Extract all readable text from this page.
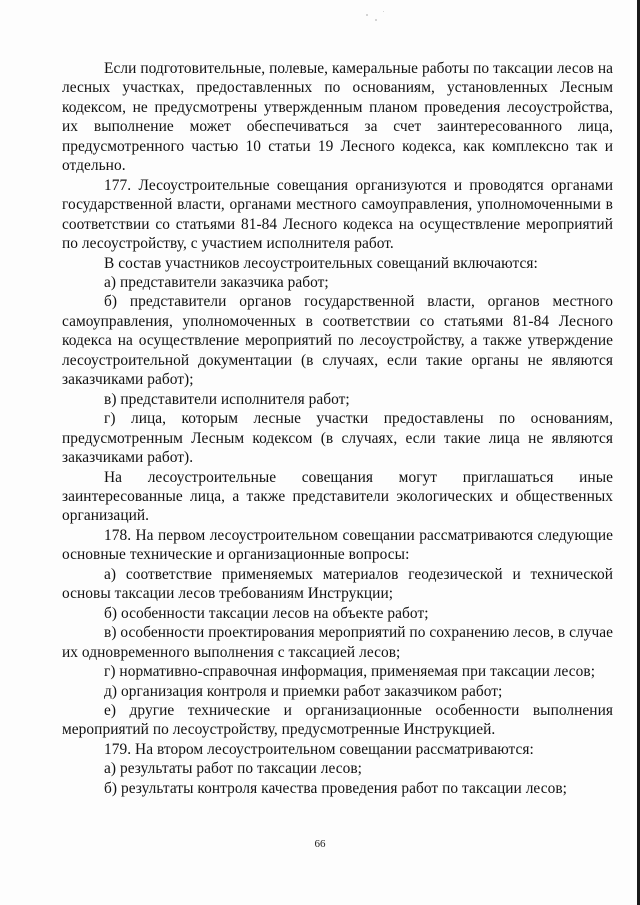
Если подготовительные, полевые, камеральные работы по таксации лесов на лесных участках, предоставленных по основаниям, установленных Лесным кодексом, не предусмотрены утвержденным планом проведения лесоустройства, их выполнение может обеспечиваться за счет заинтересованного лица, предусмотренного частью 10 статьи 19 Лесного кодекса, как комплексно так и отдельно.

177. Лесоустроительные совещания организуются и проводятся органами государственной власти, органами местного самоуправления, уполномоченными в соответствии со статьями 81-84 Лесного кодекса на осуществление мероприятий по лесоустройству, с участием исполнителя работ.

В состав участников лесоустроительных совещаний включаются:

а) представители заказчика работ;

б) представители органов государственной власти, органов местного самоуправления, уполномоченных в соответствии со статьями 81-84 Лесного кодекса на осуществление мероприятий по лесоустройству, а также утверждение лесоустроительной документации (в случаях, если такие органы не являются заказчиками работ);

в) представители исполнителя работ;

г) лица, которым лесные участки предоставлены по основаниям, предусмотренным Лесным кодексом (в случаях, если такие лица не являются заказчиками работ).

На лесоустроительные совещания могут приглашаться иные заинтересованные лица, а также представители экологических и общественных организаций.

178. На первом лесоустроительном совещании рассматриваются следующие основные технические и организационные вопросы:

а) соответствие применяемых материалов геодезической и технической основы таксации лесов требованиям Инструкции;

б) особенности таксации лесов на объекте работ;

в) особенности проектирования мероприятий по сохранению лесов, в случае их одновременного выполнения с таксацией лесов;

г) нормативно-справочная информация, применяемая при таксации лесов;

д) организация контроля и приемки работ заказчиком работ;

е) другие технические и организационные особенности выполнения мероприятий по лесоустройству, предусмотренные Инструкцией.

179. На втором лесоустроительном совещании рассматриваются:

а) результаты работ по таксации лесов;

б) результаты контроля качества проведения работ по таксации лесов;

66
